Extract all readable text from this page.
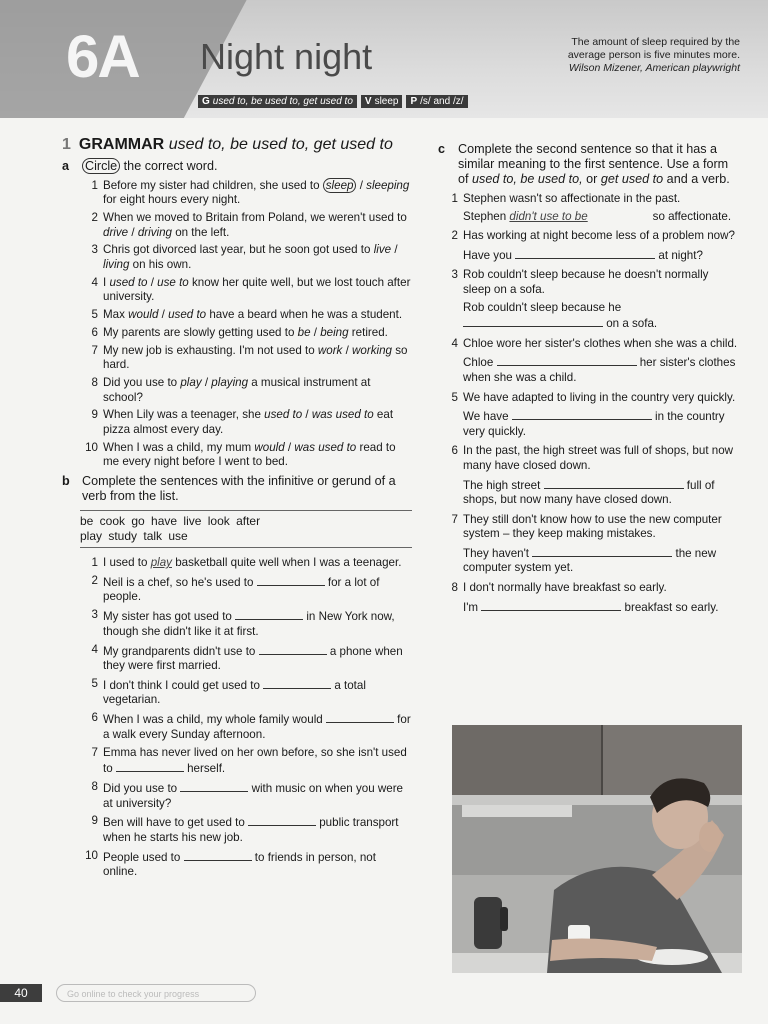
6A Night night	The amount of sleep required by the average person is five minutes more.
Wilson Mizener, American playwright
G used to, be used to, get used to V sleep P /s/ and /z/
1 GRAMMAR used to, be used to, get used to
a	Circle the correct word.
1 Before my sister had children, she used to sleep / sleeping for eight hours every night.
2 When we moved to Britain from Poland, we weren't used to drive / driving on the left.
3 Chris got divorced last year, but he soon got used to live / living on his own.
4 I used to / use to know her quite well, but we lost touch after university.
5 Max would / used to have a beard when he was a student.
6 My parents are slowly getting used to be / being retired.
7 My new job is exhausting. I'm not used to work / working so hard.
8 Did you use to play / playing a musical instrument at school?
9 When Lily was a teenager, she used to / was used to eat pizza almost every day.
10 When I was a child, my mum would / was used to read to me every night before I went to bed.
b Complete the sentences with the infinitive or gerund of a verb from the list.
be cook go have live look after
play study talk use
1 I used to play basketball quite well when I was a teenager.
2 Neil is a chef, so he's used to	for a lot of people.
3 My sister has got used to	in New York now, though she didn't like it at first.
4 My grandparents didn't use to	a phone when they were first married.
5 I don't think I could get used to	a total vegetarian.
6 When I was a child, my whole family would	for a walk every Sunday afternoon.
7 Emma has never lived on her own before, so she isn't used to	herself.
8 Did you use to	with music on when you were at university?
9 Ben will have to get used to	public transport when he starts his new job.
10 People used to	to friends in person, not online.
c	Complete the second sentence so that it has a similar meaning to the first sentence. Use a form of used to, be used to, or get used to and a verb.
1 Stephen wasn't so affectionate in the past.
Stephen didn't use to be	so affectionate.
2 Has working at night become less of a problem now?
Have you	at night?
3 Rob couldn't sleep because he doesn't normally sleep on a sofa.
Rob couldn't sleep because he  on a sofa.
4 Chloe wore her sister's clothes when she was a child.
Chloe	her sister's clothes when she was a child.
5 We have adapted to living in the country very quickly.
We have	in the country very quickly.
6 In the past, the high street was full of shops, but now many have closed down.
The high street	full of shops, but now many have closed down.
7 They still don't know how to use the new computer system – they keep making mistakes.
They haven't	the new computer system yet.
8 I don't normally have breakfast so early.
I'm	breakfast so early.
40	Go online to check your progress
